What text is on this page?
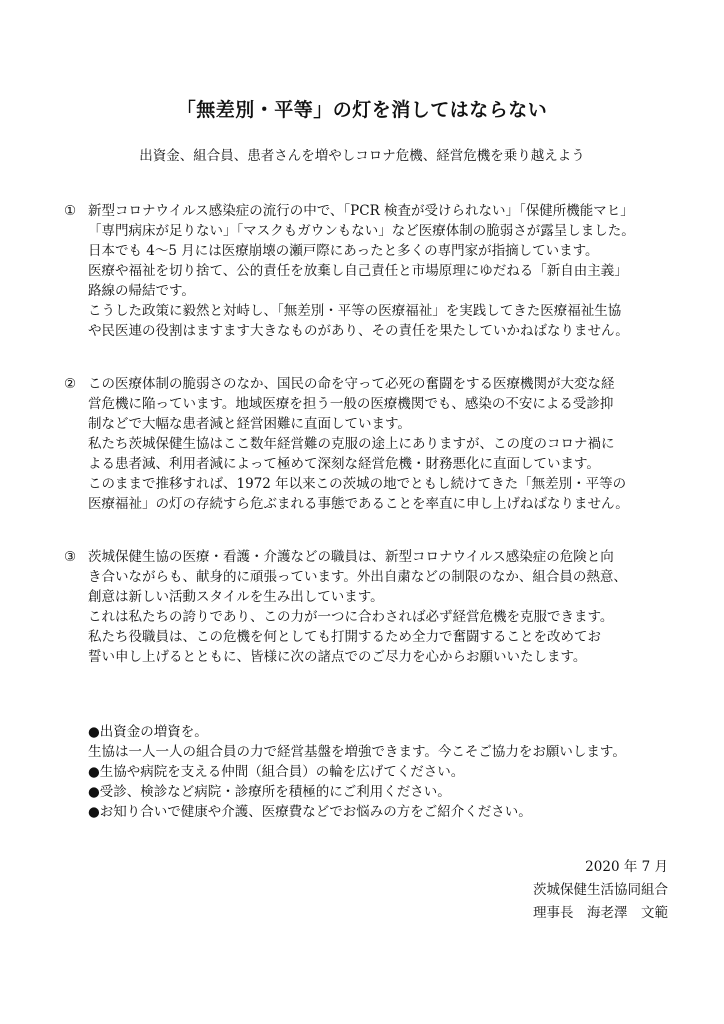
「無差別・平等」の灯を消してはならない
出資金、組合員、患者さんを増やしコロナ危機、経営危機を乗り越えよう
① 新型コロナウイルス感染症の流行の中で、「PCR 検査が受けられない」「保健所機能マヒ」
「専門病床が足りない」「マスクもガウンもない」など医療体制の脆弱さが露呈しました。
日本でも 4～5 月には医療崩壊の瀬戸際にあったと多くの専門家が指摘しています。
医療や福祉を切り捨て、公的責任を放棄し自己責任と市場原理にゆだねる「新自由主義」
路線の帰結です。
こうした政策に毅然と対峙し、「無差別・平等の医療福祉」を実践してきた医療福祉生協
や民医連の役割はますます大きなものがあり、その責任を果たしていかねばなりません。
② この医療体制の脆弱さのなか、国民の命を守って必死の奮闘をする医療機関が大変な経
営危機に陥っています。地域医療を担う一般の医療機関でも、感染の不安による受診抑
制などで大幅な患者減と経営困難に直面しています。
私たち茨城保健生協はここ数年経営難の克服の途上にありますが、この度のコロナ禍に
よる患者減、利用者減によって極めて深刻な経営危機・財務悪化に直面しています。
このままで推移すれば、1972 年以来この茨城の地でともし続けてきた「無差別・平等の
医療福祉」の灯の存続すら危ぶまれる事態であることを率直に申し上げねばなりません。
③ 茨城保健生協の医療・看護・介護などの職員は、新型コロナウイルス感染症の危険と向
き合いながらも、献身的に頑張っています。外出自粛などの制限のなか、組合員の熱意、
創意は新しい活動スタイルを生み出しています。
これは私たちの誇りであり、この力が一つに合わされば必ず経営危機を克服できます。
私たち役職員は、この危機を何としても打開するため全力で奮闘することを改めてお
誓い申し上げるとともに、皆様に次の諸点でのご尽力を心からお願いいたします。
●出資金の増資を。
生協は一人一人の組合員の力で経営基盤を増強できます。今こそご協力をお願いします。
●生協や病院を支える仲間（組合員）の輪を広げてください。
●受診、検診など病院・診療所を積極的にご利用ください。
●お知り合いで健康や介護、医療費などでお悩みの方をご紹介ください。
2020 年 7 月
茨城保健生活協同組合
理事長　海老澤　文範
